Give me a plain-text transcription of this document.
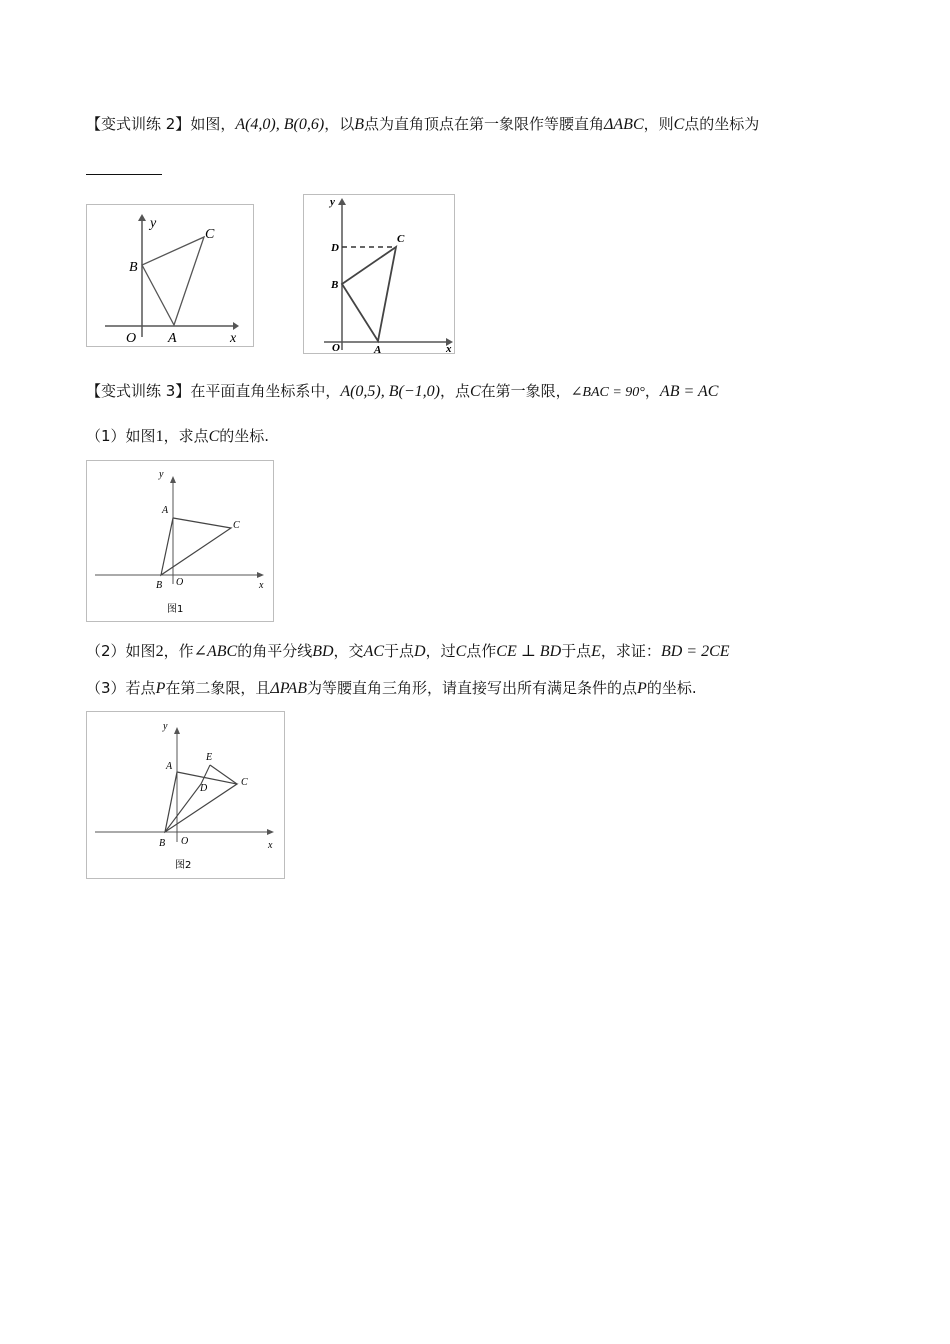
【变式训练 2】如图，A(4,0), B(0,6)，以B点为直角顶点在第一象限作等腰直角ΔABC，则C点的坐标为
y
x
O A
B
C
y
x
O	A
B
C
D
【变式训练 3】在平面直角坐标系中，A(0,5), B(−1,0)，点C在第一象限，∠BAC = 90°，AB = AC
（1）如图1，求点C的坐标.
y
x
O
A
B
C
图1
（2）如图2，作∠ABC的角平分线BD，交AC于点D，过C点作CE ⊥ BD于点E，求证：BD = 2CE
（3）若点P在第二象限，且ΔPAB为等腰直角三角形，请直接写出所有满足条件的点P的坐标.
y
x
O
A
B
C
D
E
图2
